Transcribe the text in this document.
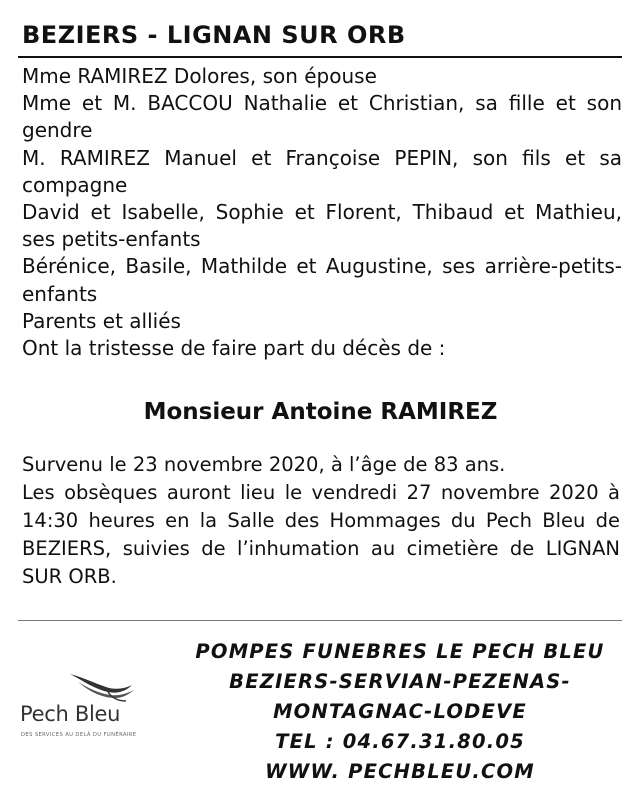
BEZIERS - LIGNAN SUR ORB
Mme RAMIREZ Dolores, son épouse
Mme et M. BACCOU Nathalie et Christian, sa fille et son gendre
M. RAMIREZ Manuel et Françoise PEPIN, son fils et sa compagne
David et Isabelle, Sophie et Florent, Thibaud et Mathieu, ses petits-enfants
Bérénice, Basile, Mathilde et Augustine, ses arrière-petits-enfants
Parents et alliés
Ont la tristesse de faire part du décès de :
Monsieur Antoine RAMIREZ
Survenu le 23 novembre 2020, à l’âge de 83 ans.
Les obsèques auront lieu le vendredi 27 novembre 2020 à 14:30 heures en la Salle des Hommages du Pech Bleu de BEZIERS, suivies de l’inhumation au cimetière de LIGNAN SUR ORB.
Pech Bleu
DES SERVICES AU DELÀ DU FUNÉRAIRE
POMPES FUNEBRES LE PECH BLEU
BEZIERS-SERVIAN-PEZENAS-
MONTAGNAC-LODEVE
TEL : 04.67.31.80.05
WWW. PECHBLEU.COM
